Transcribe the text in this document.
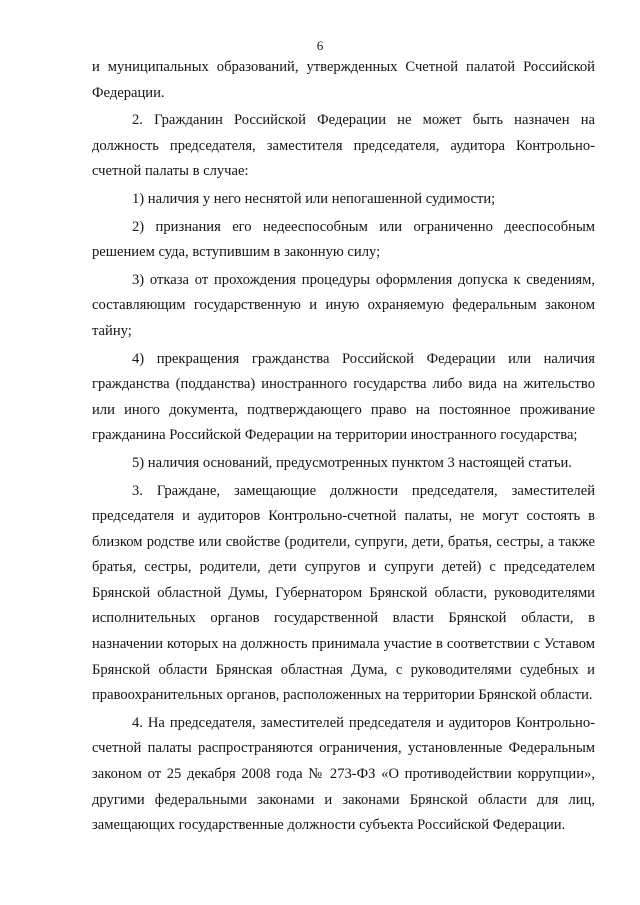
6

и муниципальных образований, утвержденных Счетной палатой Российской Федерации.

2. Гражданин Российской Федерации не может быть назначен на должность председателя, заместителя председателя, аудитора Контрольно-счетной палаты в случае:

1) наличия у него неснятой или непогашенной судимости;

2) признания его недееспособным или ограниченно дееспособным решением суда, вступившим в законную силу;

3) отказа от прохождения процедуры оформления допуска к сведениям, составляющим государственную и иную охраняемую федеральным законом тайну;

4) прекращения гражданства Российской Федерации или наличия гражданства (подданства) иностранного государства либо вида на жительство или иного документа, подтверждающего право на постоянное проживание гражданина Российской Федерации на территории иностранного государства;

5) наличия оснований, предусмотренных пунктом 3 настоящей статьи.

3. Граждане, замещающие должности председателя, заместителей председателя и аудиторов Контрольно-счетной палаты, не могут состоять в близком родстве или свойстве (родители, супруги, дети, братья, сестры, а также братья, сестры, родители, дети супругов и супруги детей) с председателем Брянской областной Думы, Губернатором Брянской области, руководителями исполнительных органов государственной власти Брянской области, в назначении которых на должность принимала участие в соответствии с Уставом Брянской области Брянская областная Дума, с руководителями судебных и правоохранительных органов, расположенных на территории Брянской области.

4. На председателя, заместителей председателя и аудиторов Контрольно-счетной палаты распространяются ограничения, установленные Федеральным законом от 25 декабря 2008 года № 273-ФЗ «О противодействии коррупции», другими федеральными законами и законами Брянской области для лиц, замещающих государственные должности субъекта Российской Федерации.
